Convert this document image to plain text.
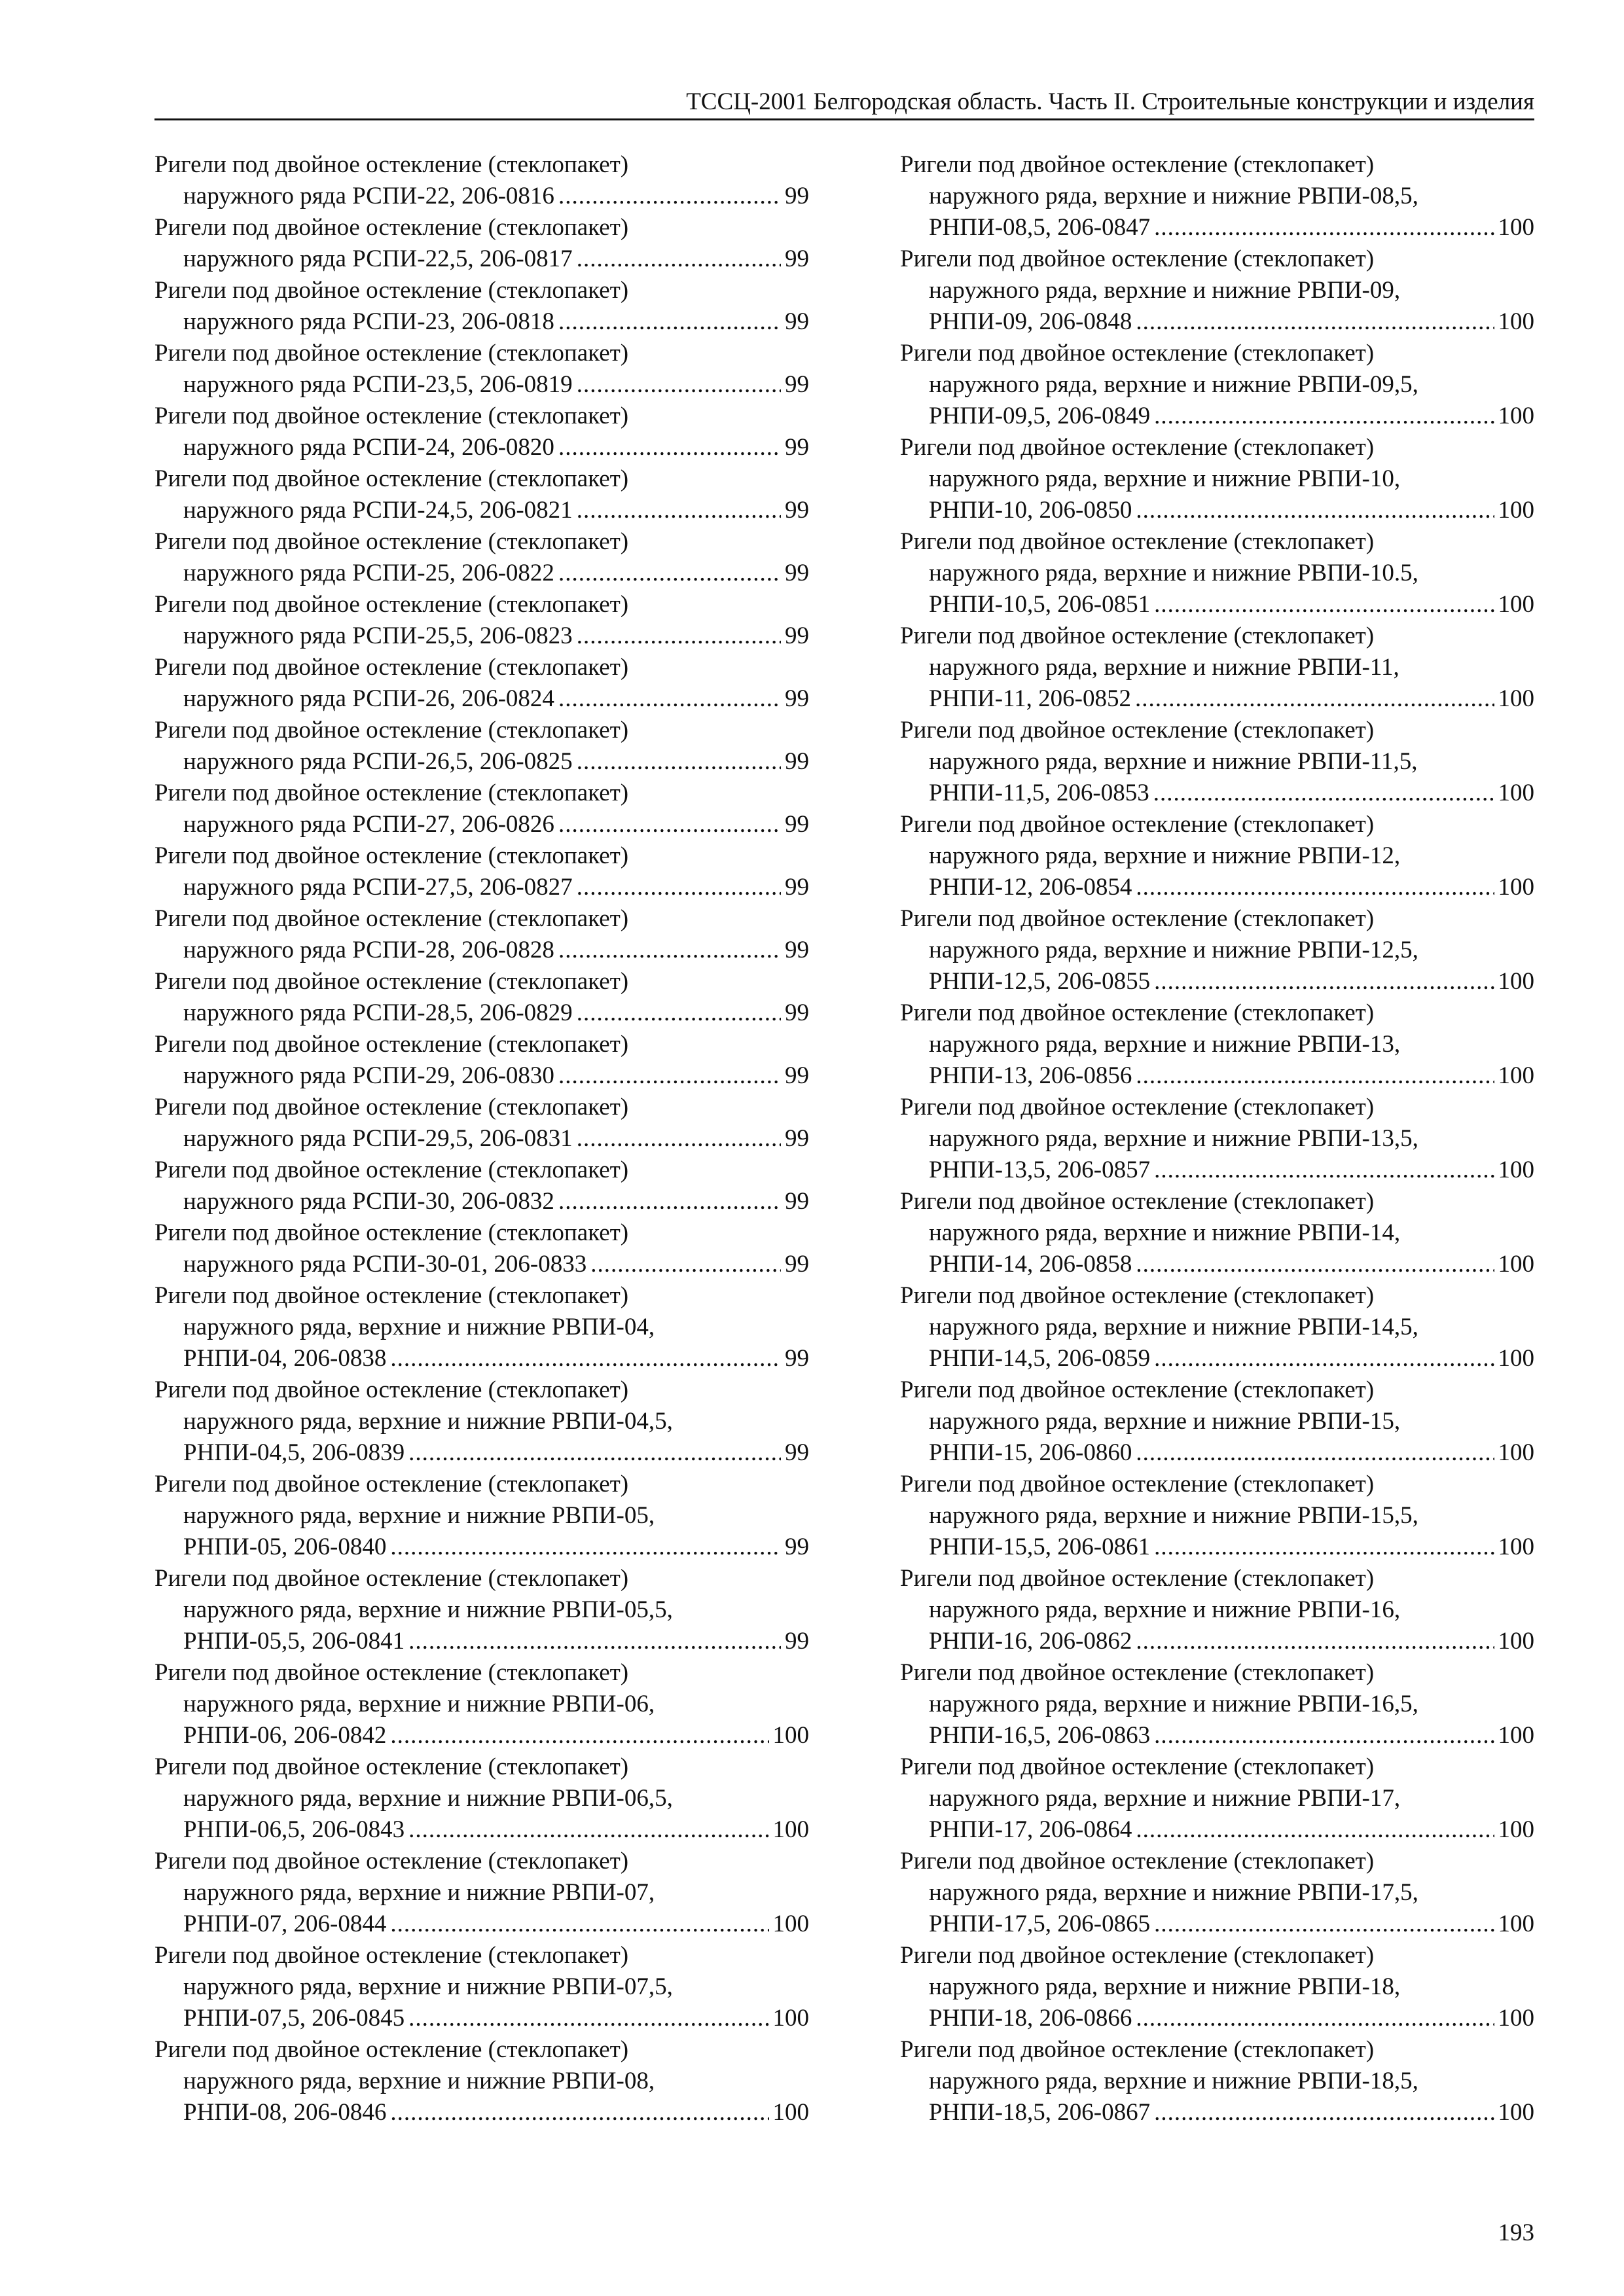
ТССЦ-2001 Белгородская область. Часть II. Строительные конструкции и изделия
Ригели под двойное остекление (стеклопакет)
наружного ряда РСПИ-22, 206-0816 .....	99
Ригели под двойное остекление (стеклопакет)
наружного ряда РСПИ-22,5, 206-0817 .....	99
Ригели под двойное остекление (стеклопакет)
наружного ряда РСПИ-23, 206-0818 .....	99
Ригели под двойное остекление (стеклопакет)
наружного ряда РСПИ-23,5, 206-0819 .....	99
Ригели под двойное остекление (стеклопакет)
наружного ряда РСПИ-24, 206-0820 .....	99
Ригели под двойное остекление (стеклопакет)
наружного ряда РСПИ-24,5, 206-0821 .....	99
Ригели под двойное остекление (стеклопакет)
наружного ряда РСПИ-25, 206-0822 .....	99
Ригели под двойное остекление (стеклопакет)
наружного ряда РСПИ-25,5, 206-0823 .....	99
Ригели под двойное остекление (стеклопакет)
наружного ряда РСПИ-26, 206-0824 .....	99
Ригели под двойное остекление (стеклопакет)
наружного ряда РСПИ-26,5, 206-0825 .....	99
Ригели под двойное остекление (стеклопакет)
наружного ряда РСПИ-27, 206-0826 .....	99
Ригели под двойное остекление (стеклопакет)
наружного ряда РСПИ-27,5, 206-0827 .....	99
Ригели под двойное остекление (стеклопакет)
наружного ряда РСПИ-28, 206-0828 .....	99
Ригели под двойное остекление (стеклопакет)
наружного ряда РСПИ-28,5, 206-0829 .....	99
Ригели под двойное остекление (стеклопакет)
наружного ряда РСПИ-29, 206-0830 .....	99
Ригели под двойное остекление (стеклопакет)
наружного ряда РСПИ-29,5, 206-0831 .....	99
Ригели под двойное остекление (стеклопакет)
наружного ряда РСПИ-30, 206-0832 .....	99
Ригели под двойное остекление (стеклопакет)
наружного ряда РСПИ-30-01, 206-0833 .....	99
Ригели под двойное остекление (стеклопакет)
наружного ряда, верхние и нижние РВПИ-04,
РНПИ-04, 206-0838 .....	99
Ригели под двойное остекление (стеклопакет)
наружного ряда, верхние и нижние РВПИ-04,5,
РНПИ-04,5, 206-0839 .....	99
Ригели под двойное остекление (стеклопакет)
наружного ряда, верхние и нижние РВПИ-05,
РНПИ-05, 206-0840 .....	99
Ригели под двойное остекление (стеклопакет)
наружного ряда, верхние и нижние РВПИ-05,5,
РНПИ-05,5, 206-0841 .....	99
Ригели под двойное остекление (стеклопакет)
наружного ряда, верхние и нижние РВПИ-06,
РНПИ-06, 206-0842 .....	100
Ригели под двойное остекление (стеклопакет)
наружного ряда, верхние и нижние РВПИ-06,5,
РНПИ-06,5, 206-0843 .....	100
Ригели под двойное остекление (стеклопакет)
наружного ряда, верхние и нижние РВПИ-07,
РНПИ-07, 206-0844 .....	100
Ригели под двойное остекление (стеклопакет)
наружного ряда, верхние и нижние РВПИ-07,5,
РНПИ-07,5, 206-0845 .....	100
Ригели под двойное остекление (стеклопакет)
наружного ряда, верхние и нижние РВПИ-08,
РНПИ-08, 206-0846 .....	100
Ригели под двойное остекление (стеклопакет)
наружного ряда, верхние и нижние РВПИ-08,5,
РНПИ-08,5, 206-0847 .....	100
Ригели под двойное остекление (стеклопакет)
наружного ряда, верхние и нижние РВПИ-09,
РНПИ-09, 206-0848 .....	100
Ригели под двойное остекление (стеклопакет)
наружного ряда, верхние и нижние РВПИ-09,5,
РНПИ-09,5, 206-0849 .....	100
Ригели под двойное остекление (стеклопакет)
наружного ряда, верхние и нижние РВПИ-10,
РНПИ-10, 206-0850 .....	100
Ригели под двойное остекление (стеклопакет)
наружного ряда, верхние и нижние РВПИ-10.5,
РНПИ-10,5, 206-0851 .....	100
Ригели под двойное остекление (стеклопакет)
наружного ряда, верхние и нижние РВПИ-11,
РНПИ-11, 206-0852 .....	100
Ригели под двойное остекление (стеклопакет)
наружного ряда, верхние и нижние РВПИ-11,5,
РНПИ-11,5, 206-0853 .....	100
Ригели под двойное остекление (стеклопакет)
наружного ряда, верхние и нижние РВПИ-12,
РНПИ-12, 206-0854 .....	100
Ригели под двойное остекление (стеклопакет)
наружного ряда, верхние и нижние РВПИ-12,5,
РНПИ-12,5, 206-0855 .....	100
Ригели под двойное остекление (стеклопакет)
наружного ряда, верхние и нижние РВПИ-13,
РНПИ-13, 206-0856 .....	100
Ригели под двойное остекление (стеклопакет)
наружного ряда, верхние и нижние РВПИ-13,5,
РНПИ-13,5, 206-0857 .....	100
Ригели под двойное остекление (стеклопакет)
наружного ряда, верхние и нижние РВПИ-14,
РНПИ-14, 206-0858 .....	100
Ригели под двойное остекление (стеклопакет)
наружного ряда, верхние и нижние РВПИ-14,5,
РНПИ-14,5, 206-0859 .....	100
Ригели под двойное остекление (стеклопакет)
наружного ряда, верхние и нижние РВПИ-15,
РНПИ-15, 206-0860 .....	100
Ригели под двойное остекление (стеклопакет)
наружного ряда, верхние и нижние РВПИ-15,5,
РНПИ-15,5, 206-0861 .....	100
Ригели под двойное остекление (стеклопакет)
наружного ряда, верхние и нижние РВПИ-16,
РНПИ-16, 206-0862 .....	100
Ригели под двойное остекление (стеклопакет)
наружного ряда, верхние и нижние РВПИ-16,5,
РНПИ-16,5, 206-0863 .....	100
Ригели под двойное остекление (стеклопакет)
наружного ряда, верхние и нижние РВПИ-17,
РНПИ-17, 206-0864 .....	100
Ригели под двойное остекление (стеклопакет)
наружного ряда, верхние и нижние РВПИ-17,5,
РНПИ-17,5, 206-0865 .....	100
Ригели под двойное остекление (стеклопакет)
наружного ряда, верхние и нижние РВПИ-18,
РНПИ-18, 206-0866 .....	100
Ригели под двойное остекление (стеклопакет)
наружного ряда, верхние и нижние РВПИ-18,5,
РНПИ-18,5, 206-0867 .....	100
193
